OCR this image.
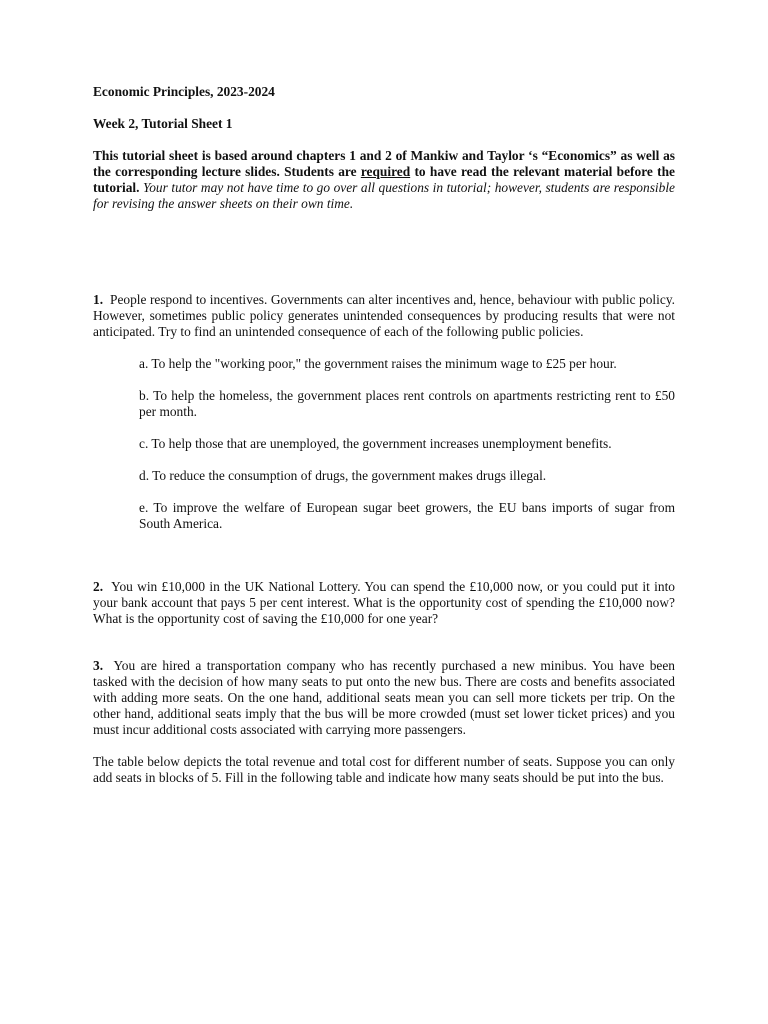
Economic Principles, 2023-2024
Week 2, Tutorial Sheet 1
This tutorial sheet is based around chapters 1 and 2 of Mankiw and Taylor ‘s “Economics” as well as the corresponding lecture slides. Students are required to have read the relevant material before the tutorial. Your tutor may not have time to go over all questions in tutorial; however, students are responsible for revising the answer sheets on their own time.
1. People respond to incentives. Governments can alter incentives and, hence, behaviour with public policy. However, sometimes public policy generates unintended consequences by producing results that were not anticipated. Try to find an unintended consequence of each of the following public policies.
a. To help the "working poor," the government raises the minimum wage to £25 per hour.
b. To help the homeless, the government places rent controls on apartments restricting rent to £50 per month.
c. To help those that are unemployed, the government increases unemployment benefits.
d. To reduce the consumption of drugs, the government makes drugs illegal.
e. To improve the welfare of European sugar beet growers, the EU bans imports of sugar from South America.
2. You win £10,000 in the UK National Lottery. You can spend the £10,000 now, or you could put it into your bank account that pays 5 per cent interest. What is the opportunity cost of spending the £10,000 now? What is the opportunity cost of saving the £10,000 for one year?
3. You are hired a transportation company who has recently purchased a new minibus. You have been tasked with the decision of how many seats to put onto the new bus. There are costs and benefits associated with adding more seats. On the one hand, additional seats mean you can sell more tickets per trip. On the other hand, additional seats imply that the bus will be more crowded (must set lower ticket prices) and you must incur additional costs associated with carrying more passengers.
The table below depicts the total revenue and total cost for different number of seats. Suppose you can only add seats in blocks of 5. Fill in the following table and indicate how many seats should be put into the bus.
